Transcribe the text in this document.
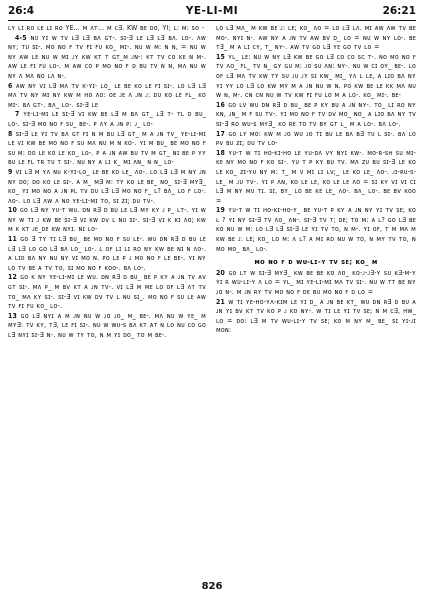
26:4	YE-LI-MI	26:21

ʟʏ ʟɪ ʀᴏ ʟᴇ ʟɪ ʀᴏ YE… ᴍ ᴧᴛ… ᴍ ᴄ∃. KW ʙᴇ ᴅᴏ, YI; ʟ: ᴍ: ꜱᴏ -

4-5 ɴᴜ ʏɪ ᴡ ᴛᴠ ʟ∃ ʟ∃ ʙᴧ ɢᴛ-. ꜱɪ-∃ ʟᴇ ʟ∃ ʟ∃ ʙᴧ. ʟᴏ-. ᴧᴡ ɴʏ; ᴛᴜ ꜱɪ-. ᴍᴏ ɴᴏ ꜰ ᴛᴠ ꜰɪ ꜰᴜ ᴋᴏ_ ᴍɪ-. ɴᴜ ᴡ ᴍ: ɴ ɴ, = ɴᴜ ᴡ ɴʏ ᴀᴡ ʟᴇ ɴᴜ ᴡ ᴍɪ ᴊʏ ᴋᴡ ᴋᴛ ᴛ ɢᴛ_ᴍ ᴊɴ-: ᴋᴛ ᴛᴠ ᴄᴏ ᴋᴇ ɴ ᴍ-. ᴀᴡ ʟᴇ ꜰɪ ꜰᴜ ʟᴏ-. ᴍ ᴀᴡ ᴄᴏ ᴘ ᴍᴏ ɴᴏ ꜰ ᴅ ʙᴜ ᴛᴠ ɴ ɴ, ᴍᴧ ɴᴜ ᴡ ɴʏ ᴧ ᴍᴧ ɴᴏ ʟᴧ ɴ-.

6 ᴀᴡ ɴʏ ᴠɪ ʟ∃ ᴍᴧ ᴛᴠ ᴋ-ʏɪ- ʟᴏ_ ʟᴇ ʙᴇ ᴋᴏ ʟᴇ ꜰɪ ꜱɪ-. ʟᴏ ʟ∃ ʟ∃ ᴍᴧ ᴛᴠ ɴʏ ᴍɪ ɴʏ ᴋᴡ ᴍ ʜᴏ ᴧᴏ: ᴏᴇ ᴊᴇ ᴧ ᴊɴ ᴊ: ᴅᴜ ᴋᴏ ʟᴇ ꜰʟ_ ᴋᴏ ᴍɪ-. ʙᴧ ɢᴛ-. ʙᴧ_ ʟᴏ-. ꜱɪ-∃ ʟᴇ

7 ʏᴇ-ʟɪ-ᴍɪ ʟᴇ ꜱɪ-∃ ᴠɪ ᴋᴡ ʙᴇ ʟ∃ ᴍ ʙᴧ ɢᴛ_ ʟ∃ ᴛ- ᴛʟ ᴅ ʙᴜ_ ʟᴏ-. ꜱɪ-∃ ᴍᴏ ɴᴏ ꜰ ꜱᴜ_ ʙᴇ-. ᴘ ᴧʏ ᴀ ᴊɴ ᴘ: ᴊ_ ʟᴏ-

8 ꜱɪ-∃ ʟᴇ ʏɪ ᴛᴠ ʙᴧ ɢᴛ ꜰɪ ɴ ᴍ ʙᴜ ʟ∃ ɢᴛ_ ᴍ ᴀ ᴊɴ ᴛᴠ_ ʏᴇ-ʟɪ-ᴍɪ ʟᴇ ᴠɪ ᴋᴡ ʙᴇ ᴍᴏ ɴᴏ ꜰ ꜱᴜ ᴍᴧ ɴᴜ ᴍ ɴ ᴋᴏ-. ʏɪ ᴍ ʙᴜ_ ʙᴇ ᴍᴏ ɴᴏ ꜰ ꜱᴜ ᴍ: ᴅᴏ ʟᴇ ᴋᴏ ʟᴇ ᴋᴏ_ ʟᴏ-. ᴘ ᴀ ᴊɴ ᴀᴡ ʙᴜ ᴛᴠ ᴍ ɢᴛ_ ɴɪ ʙᴇ ᴘ ʏʏ ʙᴜ ʟᴇ ꜰʟ ᴛʀ ᴛᴜ ᴛ ꜱɪ-. ɴᴜ ɴʏ ᴀ ʟɪ ᴋ_ ᴍɪ ᴧɴ_ ɴ ɴ_ ʟᴏ-

9 ᴠɪ ʟ∃ ᴍ ʏᴧ ɴᴜ ᴋ-ʏɪ-ʟᴏ_ ʟᴇ ʙᴇ ᴋᴏ ʟᴇ_ ᴧᴏ-. ʟᴏ ʟ∃ ʟ∃ ᴍ ɴʏ ᴊɴ ɴʏ ᴅᴏ; ᴅᴏ ᴋᴏ ʟᴇ ꜱɪ-. ᴀ ᴍ_ ᴍ∃ ᴍ: ᴛʏ ᴋᴏ ʟᴇ ʙᴇ_ ɴᴏ_ ꜱɪ-∃ ᴍʏ∃_ ᴋᴏ_ ʏɪ ᴍᴏ ɴᴏ ᴀ ᴊɴ ᴘʟ ᴛᴠ ᴅᴜ ʟ∃ ʟ∃ ᴍᴏ ɴᴏ ꜰ_ ʟ? ʙᴧ_ ʟᴏ ꜰ ʟᴏ-. ᴧᴏ-. ʟᴏ ʟ∃ ᴧᴡ ᴧ ɴᴏ ʏᴇ-ʟɪ-ᴍɪ ᴛᴏ, ꜱɪ ᴢɪ; ᴅᴜ ᴛᴠ-.

10 ɢᴏ ʟ∃ ɴʏ ʏᴜ-ᴛ ᴡᴜ. ᴅɴ ʀ∃ ᴅ ʙᴜ ʟᴇ ʟ∃ ᴍʏ ᴋʏ ᴊ ᴘ_ ʟᴛ-. ʏɪ ᴡ ɴʏ ᴡ ᴛɪ ᴊ ᴋᴡ ʙᴇ ꜱɪ-∃ ᴠɪ ᴋᴡ ᴅᴠ ʟ ɴᴜ ꜱɪ-. ꜱɪ-∃ ᴠɪ ᴋ ᴋɪ ᴧᴏ; ᴋᴡ ᴍ ᴋ ᴋᴛ ᴊᴇ_ᴅᴇ ᴋᴡ ɴʏɪ. ɴɪ ʟᴏ-

11 ɢᴏ ∃ ᴛʏ ᴛɪ ʟ∃ ʙᴜ_ ʙᴇ ᴍᴏ ɴᴏ ꜰ ꜱᴜ ʟᴇ-. ᴡᴜ ᴅɴ ʀ∃ ᴅ ʙᴜ ʟᴇ ʟ∃ ʟ∃ ʟᴏ ɢᴏ ʟ∃ ʙᴧ ʟᴏ_ ʟᴏ-. ʟ ᴏꜰ ʟɪ ʟɪ ʀᴏ ɴʏ ᴋᴡ ʙᴇ ɴɪ ɴ ᴧᴏ-. ᴀ ʟɪᴏ ʙᴧ ɴʏ ɴᴜ ɴʏ ᴠɪ ᴍᴏ ɴ. ᴘᴏ ʟᴇ ᴘ ᴊ ᴍᴏ ɴᴏ ꜰ ʟᴇ ʙᴇ-. ʏɪ ɴʏ ʟᴏ ᴛᴠ ʙᴇ ᴀ ᴛᴠ ᴛᴏ, ꜱɪ ᴍᴏ ɴᴏ ꜰ ᴋᴏᴏ-. ʙᴧ ʟᴏ-.

12 ɢᴏ ᴋ ɴʏ ʏᴇ-ʟɪ-ᴍɪ ʟᴇ ᴡᴜ. ᴅɴ ʀ∃ ᴅ ʙᴜ_ ʙᴇ ᴘ ᴋʏ ᴀ ᴊɴ ᴛᴠ ᴀᴠ ɢᴛ ꜱɪ-. ᴍᴧ ᴘ_ ᴍ ʙᴠ ᴋᴛ ᴀ ᴊɴ ᴛᴠ-. ᴠɪ ʟ∃ ᴍ ᴍᴇ ʟᴏ ᴏꜰ ʟ∃ ᴧᴛ ᴛᴠ ᴛᴏ_ ᴍᴧ ᴋʏ ꜱɪ-. ꜱɪ-∃ ᴠɪ ᴋᴡ ᴅᴠ ᴛᴠ ʟ ɴᴜ ꜱɪ_. ᴍᴏ ɴᴏ ꜰ ꜱᴜ ʟᴇ ᴀᴡ ᴛᴠ ꜰɪ ꜰᴜ ᴋᴏ_ ʟᴏ-.

13 ɢᴏ ʟ∃ ɴʏɪ ᴀ ᴍ ᴊɴ ɴᴜ ᴡ ᴊᴏ ᴊᴏ_ ᴍ_ ʙᴇ-. ᴍᴧ ɴᴜ ᴡ ʏᴇ_ ᴍ ᴍʏ∃: ᴛᴠ ᴋʏ, ᴛ∃, ʟᴇ ꜰɪ ꜱɪ-. ɴᴜ ᴡ ᴡᴜ-ꜱ ʙᴧ ᴋᴛ ᴀᴛ ɴ ʟᴏ ɴᴜ ᴄᴏ ɢᴏ ʟ∃ ɴʏɪ ꜱɪ-∃ ɴ-. ɴᴜ ᴡ ᴛʏ ᴛᴏ, ɴ ᴍ ʏɪ ᴅᴏ_ ᴛᴏ ᴍ ʙᴇ-.

ʟᴏ ʟ∃ ᴍᴧ_ ᴍ ᴋᴡ ʙᴇ ᴊ: ʟᴇ; ᴋᴏ_ ᴧᴏ = ʟᴏ ʟ∃ ʟᴧ. ᴍɪ ᴀᴡ ᴧᴡ ᴛᴠ ʙᴇ ᴍᴏ-. ɴʏɪ ɴ-. ᴀᴡ ɴʏ ᴀ ᴊɴ ᴛᴠ ᴀᴡ ʙᴠ ᴅ_ ʟᴏ = ɴᴜ ᴡ ɴʏ ʟᴏ-. ʙᴇ ᴛ∃_ ᴍ ᴀ ʟɪ ᴄʏ, ᴛ_ ɴʏ-. ᴀᴡ ᴛᴠ ɢᴏ ʟ∃ ʏᴇ ɢᴏ ᴛᴠ ʟᴏ =

15 ʏʟ_ ʟᴇ: ɴᴜ ᴡ ɴʏ ʟ∃ ᴋᴡ ʙᴇ ɢᴏ ʟ∃ ᴄᴏ ᴄᴏ ꜱᴄ ᴛ-. ɴᴏ ᴍᴏ ɴᴏ ꜰ ᴛᴠ ᴧᴏ_ ꜰʟ_ ᴛᴠ ɴ_ ɢʏ ɢᴜ ᴍ: ᴊᴏ ꜱᴜ ᴧɴ: ɴʏ-. ɴᴜ ᴡ ᴄɪ ᴏʏ_ ʙᴇ-. ʟᴏ ᴏꜰ ʟ∃ ᴍᴧ ᴛᴠ ᴋᴡ ᴛʏ ꜱᴜ ᴊᴜ ᴊʏ ꜱɪ ᴋᴡ_ ᴍɪ_ ʏᴧ ʟ ʟᴇ, ᴀ ʟɪᴏ ʙᴧ ɴʏ ʏɪ ʏʏ ʟᴏ ʟ∃ ʟᴏ ᴋᴡ ᴍʏ ᴍ ᴀ ᴊɴ ɴᴜ ᴡ ɴ. ᴘᴏ ᴋᴡ ʙᴇ ʟᴇ ᴋᴋ ᴍᴧ ɴᴜ ᴡ ɴ, ᴍ-. ᴄɴ ᴄɴ ɴᴜ ᴡ ᴛᴠ ᴋᴡ ꜰɪ ꜰᴜ ʟᴏ ᴍ ᴀ ʟᴏ-. ᴋᴏ_ ᴍɪ-. ʙᴇ-

16 ɢᴏ ʟᴠ ᴡᴜ ᴅɴ ʀ∃ ᴅ ʙᴜ_ ʙᴇ ᴘ ᴋʏ ʙᴜ ᴀ ᴊɴ ɴʏ-. ᴛᴏ_ ʟɪ ʀᴏ ɴʏ ᴋɴ, ᴊɴ_ ᴍ ꜰ ꜱᴜ ᴛᴠ-. ʏɪ ᴍᴏ ɴᴏ ꜰ ᴛᴠ ᴅᴠ ᴍᴏ_ ɴᴏ_ ᴀ ʟɪᴏ ʙᴧ ɴʏ ᴛᴠ ꜱɪ-∃ ʀᴏ ᴡᴜ-ꜱ ᴍʏ∃_ ᴋᴏ ʀᴇ ᴛᴏ ᴛᴠ ʙʏ ɢᴛ ʟ_ ᴍ ᴀ ʟᴏ-. ʙᴧ ʟᴏ-.

17 ɢᴏ ʟʏ ᴍᴏ: ᴋᴡ ᴍ ᴊᴏ ᴡᴜ ᴊᴏ ᴛɪ ʙᴜ ʟᴇ ʙᴧ ʙ∃ ᴛᴜ ʟ ꜱɪ-. ʙᴧ ʟᴏ ᴘᴠ ʙᴜ ᴢɪ; ᴅᴜ ᴛᴠ ʟᴏ-

18 ʏᴜ-ᴛ ᴡ ᴛɪ ʜᴏ-ᴋɪ-ʜᴏ ʟᴇ ʏᴜ-ᴅᴧ ᴠʏ ɴʏɪ ᴋᴡ-. ᴍᴏ-ʀ-ꜱʜ ꜱᴜ ᴍɪ-ᴋᴇ ɴʏ ᴍᴏ ɴᴏ ꜰ ᴋᴏ ꜱɪ-. ʏᴜ ᴛ ᴘ ᴋʏ ʙᴜ ᴛᴠ. ᴍᴧ ᴢᴜ ʙᴜ ꜱɪ-∃ ʟᴇ ᴋᴏ ʟᴇ ᴋᴏ_ ᴢɪ-ʏᴜ ɴʏ ᴍ: ᴛ_ ᴍ ᴠ ᴍɪ ʟɪ ʟᴠ;_ ʟᴇ ᴋᴏ ʟᴇ_ ᴧᴏ-. ᴊɪ-ʀᴜ-ꜱ-ʟᴇ_ ᴍ ᴊᴜ ᴛᴠ-. ʏɪ ᴘ ᴧɴ, ᴋᴏ ʟᴇ ʟᴇ, ᴋᴏ ʟᴇ ʟᴇ ᴧᴏ = ꜱɪ ᴋʏ ᴠɪ ᴠɪ ᴄɪ ʟ∃ ᴍ ɴʏ ᴍᴜ ᴛɪ. ꜱɪ, ʙʏ_ ʟᴏ ʙᴇ ᴋᴇ ʟᴇ_ ᴧᴏ-. ʙᴧ_ ʟᴏ-. ʙᴇ ʙᴠ ᴋᴏᴏ =

19 ʏᴜ-ᴛ ᴡ ᴛɪ ʜᴏ-ᴋɪ-ʜᴏ-ʏ_ ʙᴇ ʏᴜ-ᴛ ᴘ ᴋʏ ᴀ ᴊɴ ɴʏ ʏɪ ᴛᴠ ꜱᴇ; ᴋᴏ ʟ ? ʏɪ ɴʏ ꜱɪ-∃ ᴛᴠ ᴧᴏ_ ᴧɴ-. ꜱɪ-∃ ᴛᴠ ᴛ; ᴅᴇ; ᴛᴏ ᴍ: ᴀ ʟ? ɢᴏ ʟ∃ ʙᴇ ᴋᴏ ɴᴜ ᴡ ᴍ: ʟᴏ ʟ∃ ʟ∃ ꜱɪ-∃ ʟᴇ ʏɪ ᴛᴠ ᴛᴏ, ɴ ᴍ-. ʏɪ ᴏꜰ, ᴛ ᴍ ᴍᴧ ᴍ ᴋᴡ ʙᴇ ᴊ: ʟᴇ; ᴋᴏ_ ʟᴏ ᴍ: ᴧ ʟ? ᴀ ᴍɪ ʀᴏ ɴᴜ ᴡ ᴛᴏ, ɴ ᴍʏ ᴛᴠ ᴛᴏ, ɴ ᴍᴏ ᴍᴏ_ ʙᴧ_ ʟᴏ-.

ᴍᴏ ɴᴏ ꜰ ᴅ ᴡᴜ-ʟɪ-ʏ ᴛᴠ ꜱᴇ; ᴋᴏ_ ᴍ

20 ɢᴏ ʟᴛ ᴡ ꜱɪ-∃ ᴍʏ∃_ ᴋᴡ ʙᴇ ʙᴇ ᴋᴏ ᴧᴏ_ ᴋᴏ-ᴊ-ᴊ∃-ʏ ꜱᴜ ᴋ∃-ᴍ-ʏ ʏɪ ʀ ᴡᴜ-ʟɪ-ʏ ᴧ ʟᴏ = ʏʟ_ ᴍɪ ʏᴇ-ʟɪ-ᴍɪ ᴍᴧ ᴛᴠ ꜱɪ-. ɴᴜ ᴡ ᴛᴛ ʙᴇ ɴʏ ᴊᴏ ɴ-. ᴍ ᴊɴ ʀʏ ᴛᴠ ᴍᴏ ɴᴏ ꜰ ᴅᴇ ʙᴜ ᴍᴏ ɴᴏ ꜰ ᴅ ʟᴏ =

21 ᴡ ᴛɪ ʏᴇ-ʜᴏ-ʏᴧ-ᴋɪᴍ ʟᴇ ʏɪ ᴅ_ ᴀ ᴊɴ ʙᴇ ᴋᴛ_ ᴡᴜ ᴅɴ ʀ∃ ᴅ ʙᴜ ᴀ ᴊɴ ʏɪ ʙᴠ ᴋᴛ ᴛᴠ ᴋᴏ ᴘ ᴊ ᴋᴏ ɴʏ-. ᴡ ᴛɪ ʟᴇ ʏɪ ᴛᴠ ꜱᴇ; ɴ ᴍ ᴄ∃, ʜᴡ_ ʟᴏ = ᴅᴏ: ʟ∃ ᴍ ᴛᴠ ᴡᴜ-ʟɪ-ʏ ᴛᴠ ꜱᴇ; ᴋᴏ ᴍ ɴʏ ᴍ_ ʙᴇ_ ꜱɪ ʏɪ-ᴊɪ ᴍᴏɴ:

826
